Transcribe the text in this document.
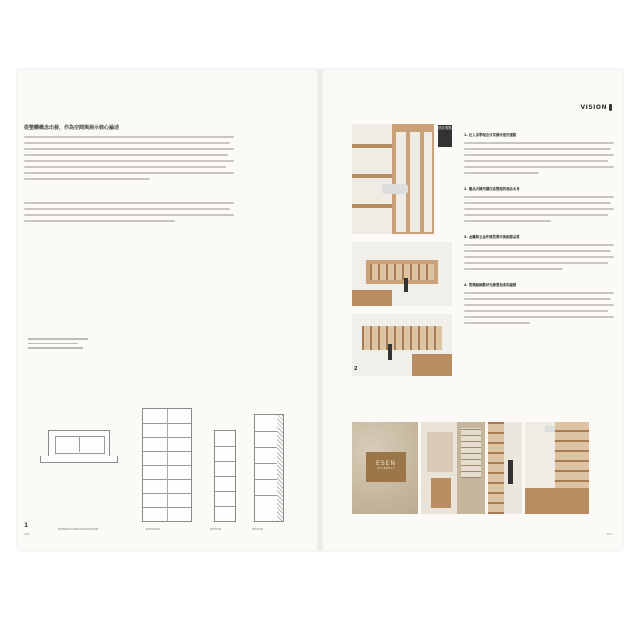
從整體概念出發，作為空間與展示核心論述
ENTRANCE WINDOW ELEVATION	ELEVATION	SECTION	SECTION
1
102
VISION
設計要點
2
1. 注入美學理念目常操作使用重點
2. 徹品式陳列讓住客整理的商品本身
3. 金屬與五金件微型製作與細節品質
4. 質樸細細數材光線營造柔和溫暖
ESEN
PHARMACY
103
